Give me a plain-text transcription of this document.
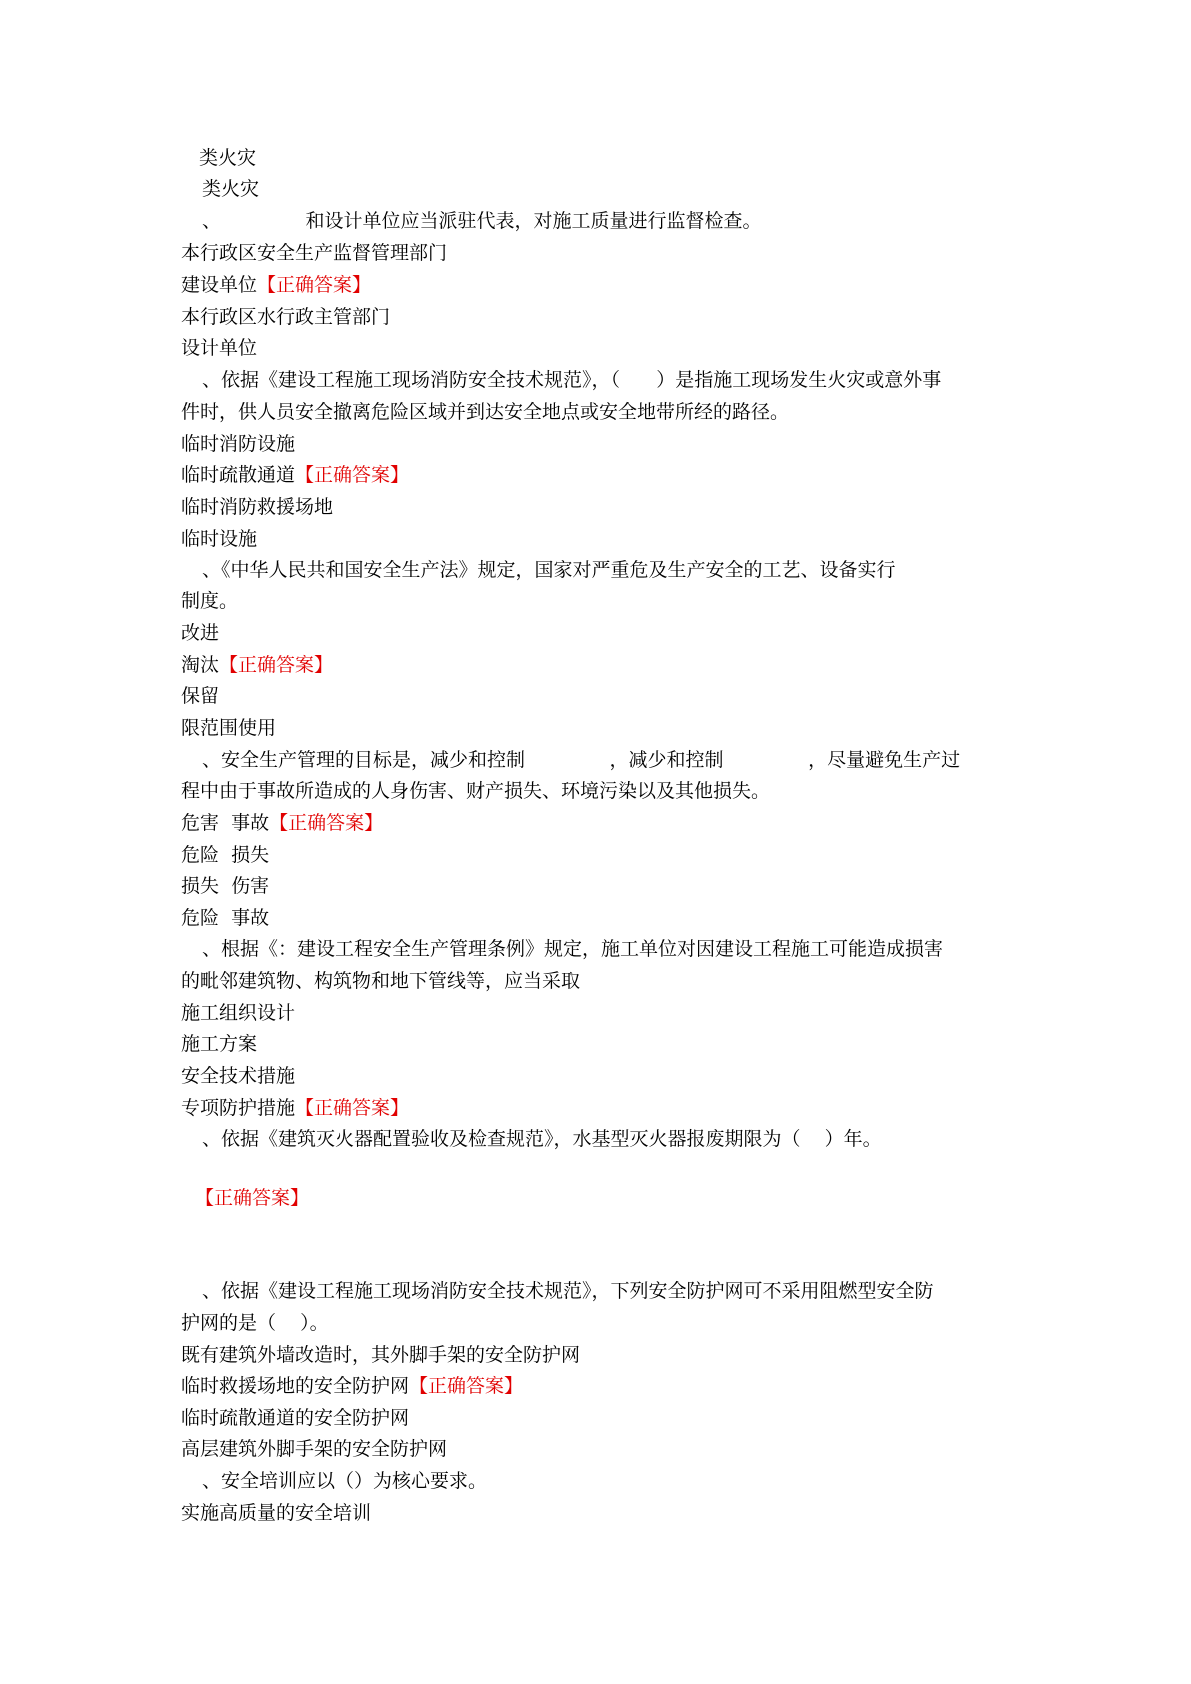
类火灾
类火灾
、              和设计单位应当派驻代表，对施工质量进行监督检查。
本行政区安全生产监督管理部门
建设单位【正确答案】
本行政区水行政主管部门
设计单位
、依据《建设工程施工现场消防安全技术规范》，（      ）是指施工现场发生火灾或意外事
件时，供人员安全撤离危险区域并到达安全地点或安全地带所经的路径。
临时消防设施
临时疏散通道【正确答案】
临时消防救援场地
临时设施
、《中华人民共和国安全生产法》规定，国家对严重危及生产安全的工艺、设备实行
制度。
改进
淘汰【正确答案】
保留
限范围使用
、安全生产管理的目标是，减少和控制              ，减少和控制              ，尽量避免生产过
程中由于事故所造成的人身伤害、财产损失、环境污染以及其他损失。
危害  事故【正确答案】
危险  损失
损失  伤害
危险  事故
、根据《：建设工程安全生产管理条例》规定，施工单位对因建设工程施工可能造成损害
的毗邻建筑物、构筑物和地下管线等，应当采取
施工组织设计
施工方案
安全技术措施
专项防护措施【正确答案】
、依据《建筑灭火器配置验收及检查规范》，水基型灭火器报废期限为（    ）年。
【正确答案】
、依据《建设工程施工现场消防安全技术规范》，下列安全防护网可不采用阻燃型安全防
护网的是（    ）。
既有建筑外墙改造时，其外脚手架的安全防护网
临时救援场地的安全防护网【正确答案】
临时疏散通道的安全防护网
高层建筑外脚手架的安全防护网
、安全培训应以（）为核心要求。
实施高质量的安全培训
